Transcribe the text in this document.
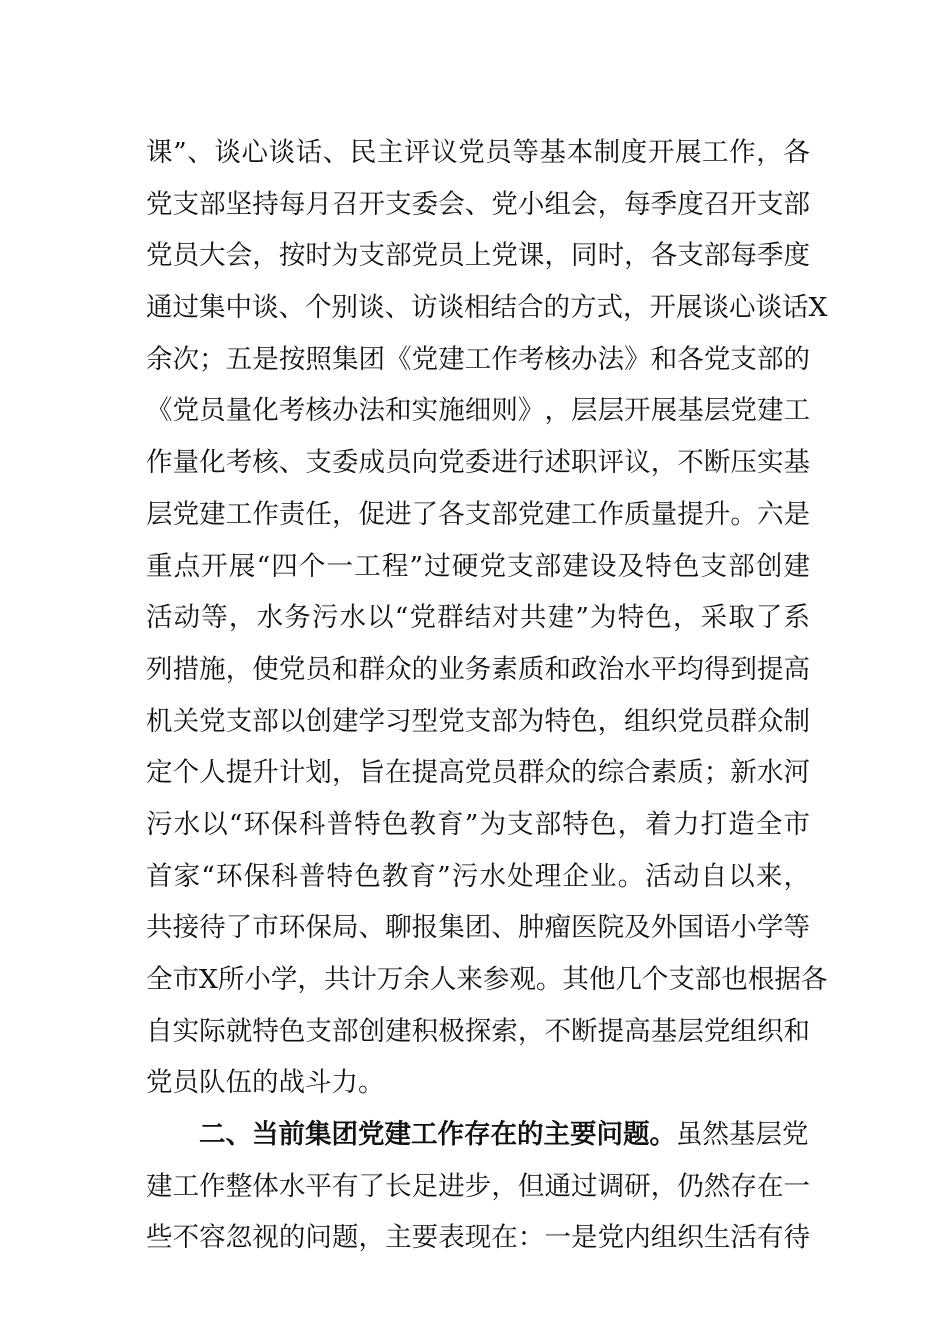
课 ” 、 谈 心 谈 话 、 民 主 评 议 党 员 等 基 本 制 度 开 展 工 作 ， 各
党 支 部 坚 持 每 月 召 开 支 委 会 、 党 小 组 会 ， 每 季 度 召 开 支 部
党 员 大 会 ， 按 时 为 支 部 党 员 上 党 课 ， 同 时 ， 各 支 部 每 季 度
通 过 集 中 谈 、 个 别 谈 、 访 谈 相 结 合 的 方 式 ， 开 展 谈 心 谈 话 X
余 次 ； 五 是 按 照 集 团 《 党 建 工 作 考 核 办 法 》 和 各 党 支 部 的
《 党 员 量 化 考 核 办 法 和 实 施 细 则 》 ， 层 层 开 展 基 层 党 建 工
作 量 化 考 核 、 支 委 成 员 向 党 委 进 行 述 职 评 议 ， 不 断 压 实 基
层 党 建 工 作 责 任 ， 促 进 了 各 支 部 党 建 工 作 质 量 提 升 。 六 是
重 点 开 展 “ 四 个 一 工 程 ” 过 硬 党 支 部 建 设 及 特 色 支 部 创 建
活 动 等 ， 水 务 污 水 以 “ 党 群 结 对 共 建 ” 为 特 色 ， 采 取 了 系
列 措 施 ， 使 党 员 和 群 众 的 业 务 素 质 和 政 治 水 平 均 得 到 提 高
机 关 党 支 部 以 创 建 学 习 型 党 支 部 为 特 色 ， 组 织 党 员 群 众 制
定 个 人 提 升 计 划 ， 旨 在 提 高 党 员 群 众 的 综 合 素 质 ； 新 水 河
污 水 以 “ 环 保 科 普 特 色 教 育 ” 为 支 部 特 色 ， 着 力 打 造 全 市
首 家 “ 环 保 科 普 特 色 教 育 ” 污 水 处 理 企 业 。 活 动 自 以 来 ，
共 接 待 了 市 环 保 局 、 聊 报 集 团 、 肿 瘤 医 院 及 外 国 语 小 学 等
全 市 X 所 小 学 ， 共 计 万 余 人 来 参 观 。 其 他 几 个 支 部 也 根 据 各
自 实 际 就 特 色 支 部 创 建 积 极 探 索 ， 不 断 提 高 基 层 党 组 织 和
党员队伍的战斗力。
二、当前集团党建工作存在的主要问题。 虽然基层党
建 工 作 整 体 水 平 有 了 长 足 进 步 ， 但 通 过 调 研 ， 仍 然 存 在 一
些 不 容 忽 视 的 问 题 ， 主 要 表 现 在 ： 一 是 党 内 组 织 生 活 有 待
